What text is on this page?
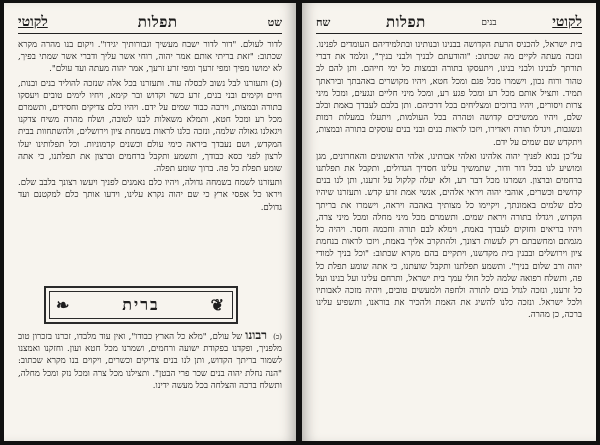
שט
תפלות
לקוטי

לדור לעולם. "דור לדור ישבח מעשיך וגבורותיך יגידו". ויקום בנו מהרה מקרא שכתוב: "זאת בריתי אותם אמר יהוה, רוחי אשר עליך ודברי אשר שמתי בפיך, לא ימושו מפיך ומפי זרעך ומפי זרע זרעך, אמר יהוה מעתה ועד עולם".

(כ) ותעזרנו לבל נשוב לכסלה עוד. ותעזרנו בכל אלה שנזכה להוליד בנים ובנות, חיים וקימים ובני בנים, זרע כשר וקדוש ובר קימא, ויחיו לימים טובים ויעסקו בתורה ובמצות, וירבה כבוד שמים על ידם. ויהיו כלם צדיקים וחסידים, ותשמרם מכל רע ומכל חטא, ותמלא משאלות לבנו לטובה, ושלח מהרה משיח צדקנו ויגאלנו גאולה שלמה, ונזכה כלנו לראות בשמחת ציון וירושלים, ולהשתחוות בבית המקדש, ושם נעבדך ביראה כימי עולם וכשנים קדמוניות. וכל תפלותינו יעלו לרצון לפני כסא כבודך, ותשמע ותקבל ברחמים וברצון את תפלתנו, כי אתה שומע תפלת כל פה. ברוך שומע תפלה.

ותעזרנו לשמח בשמחה גדולה, ויהיו כלם נאמנים לפניך ויעשו רצונך בלבב שלם. ויראו כל אפסי ארץ כי שם יהוה נקרא עלינו, וידעו אותך כלם למקטנם ועד גדולם.

❦
ברית
❧

(כ) רבונו של עולם, "מלא כל הארץ כבודו", ואין עוד מלבדו, זכרנו בזכרון טוב מלפניך, ופקדנו בפקודת ישועה ורחמים, ושמרנו מכל חטא ועון. וחזקנו ואמצנו לשמור בריתך הקדוש, ותן לנו בנים צדיקים וכשרים, ויקוים בנו מקרא שכתוב: "הנה נחלת יהוה בנים שכר פרי הבטן". ותצילנו מכל צרה ומכל נזק ומכל מחלה, ותשלח ברכה והצלחה בכל מעשה ידינו.

לקוטי
בנים
תפלות
שח

בית ישראל, להכניס הרעת הקדושה בבנינו ובנותינו ובתלמידיהם העומדים לפנינו. ונזכה מעתה לקיים מה שכתוב: "והודעתם לבניך ולבני בניך", ונלמד את דברי תורתך לבנינו ולבני בנינו, ויתעסקו בתורה ובמצות כל ימי חייהם. ותן להם לב טהור ורוח נכון, וישמרו מכל פגם ומכל חטא, ויהיו מקושרים באהבתך וביראתך תמיד. ותציל אותם מכל רע ומכל פגע רע, ומכל מיני חליים ונגעים, ומכל מיני צרות ויסורים, ויהיו ברוכים ומצליחים בכל דרכיהם. ותן בלבם לעבדך באמת ובלב שלם, ויהיו ממשיכים קדושה וטהרה בכל העולמות, ויתעלו במעלות רמות ונשגבות, ויגדלו תורה ויאדירו, ויזכו לראות בנים ובני בנים עוסקים בתורה ובמצות, ויתקדש שם שמים על ידם.

על־כן נבוא לפניך יהוה אלהינו ואלהי אבותינו, אלהי הראשונים והאחרונים, מגן ומושיע לנו בכל דור ודור, שתמשיך עלינו חסדיך הגדולים, ותקבל את תפלתנו ברחמים וברצון. ושמרנו מכל דבר רע, ולא יעלה קלקול על זרענו, ותן לנו בנים קדושים וכשרים, אוהבי יהוה ויראי אלהים, אנשי אמת זרע קדש. ותעזרנו שיהיו כלם שלמים באמונתך, ויקיימו כל מצותיך באהבה ויראה, וישמרו את בריתך הקדוש, ויגדלו בתורה ויראת שמים. ותשמרם מכל מיני מחלה ומכל מיני צרה, ויהיו בריאים וחזקים לעבדך באמת, וימלא לבם תורה וחכמה וחסד. ויהיה כל מגמתם ומחשבתם רק לעשות רצונך, ולהתקרב אליך באמת, ויזכו לראות בנחמת ציון וירושלים ובבנין בית מקדשנו, ויתקיים בהם מקרא שכתוב: "וכל בניך למודי יהוה ורב שלום בניך". ותשמע תפלתנו ותקבל שועתנו, כי אתה שומע תפלת כל פה, ותשלח רפואה שלמה לכל חולי עמך בית ישראל, ותרחם עלינו ועל בנינו ועל כל זרענו, ונזכה לגדל בנים לתורה ולחפה ולמעשים טובים, ויהיה מזכה לאבותיו ולכל ישראל. ונזכה כלנו להשיג את האמת ולהכיר את בוראנו, ותשפיע עלינו ברכה, כן מהרה.
